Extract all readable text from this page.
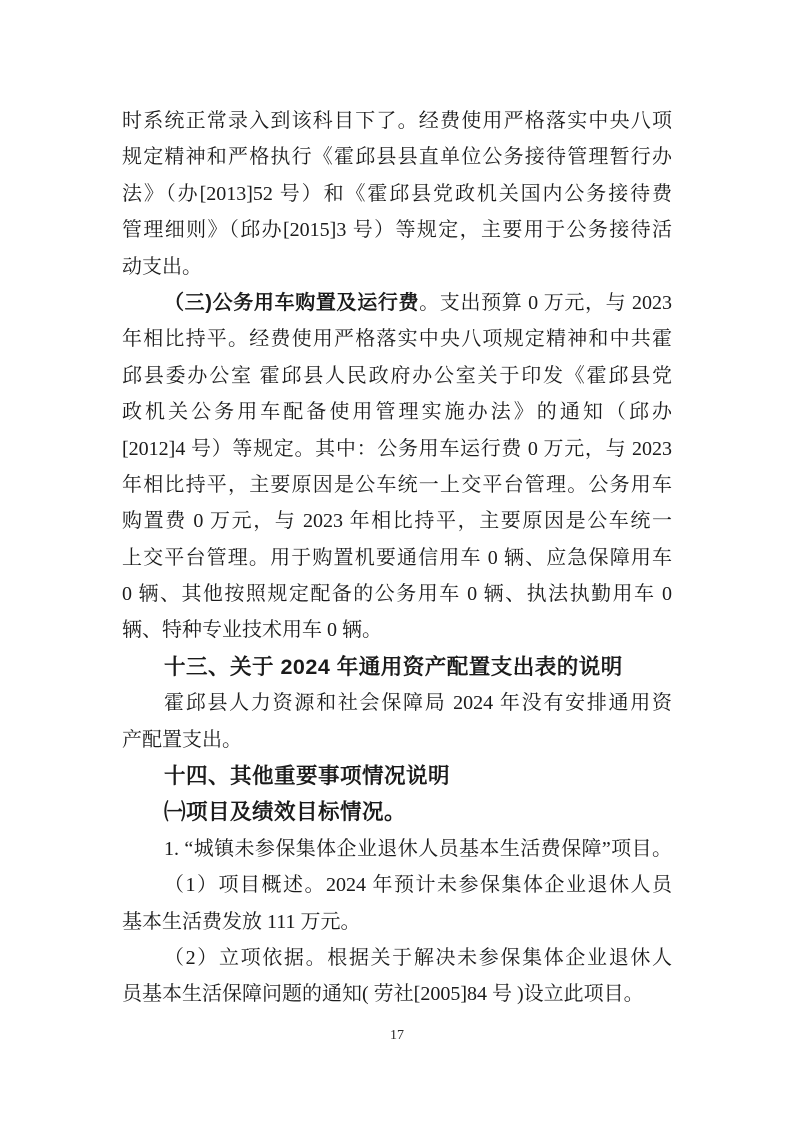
时系统正常录入到该科目下了。经费使用严格落实中央八项
规定精神和严格执行《霍邱县县直单位公务接待管理暂行办
法》（办[2013]52 号）和《霍邱县党政机关国内公务接待费
管理细则》（邱办[2015]3 号）等规定，主要用于公务接待活
动支出。
（三)公务用车购置及运行费。支出预算 0 万元，与 2023
年相比持平。经费使用严格落实中央八项规定精神和中共霍
邱县委办公室 霍邱县人民政府办公室关于印发《霍邱县党
政机关公务用车配备使用管理实施办法》的通知（邱办
[2012]4 号）等规定。其中：公务用车运行费 0 万元，与 2023
年相比持平，主要原因是公车统一上交平台管理。公务用车
购置费 0 万元，与 2023 年相比持平，主要原因是公车统一
上交平台管理。用于购置机要通信用车 0 辆、应急保障用车
0 辆、其他按照规定配备的公务用车 0 辆、执法执勤用车 0
辆、特种专业技术用车 0 辆。
十三、关于 2024 年通用资产配置支出表的说明
霍邱县人力资源和社会保障局 2024 年没有安排通用资
产配置支出。
十四、其他重要事项情况说明
㈠项目及绩效目标情况。
1. “城镇未参保集体企业退休人员基本生活费保障”项目。
（1）项目概述。2024 年预计未参保集体企业退休人员
基本生活费发放 111 万元。
（2）立项依据。根据关于解决未参保集体企业退休人
员基本生活保障问题的通知( 劳社[2005]84 号 )设立此项目。
17
